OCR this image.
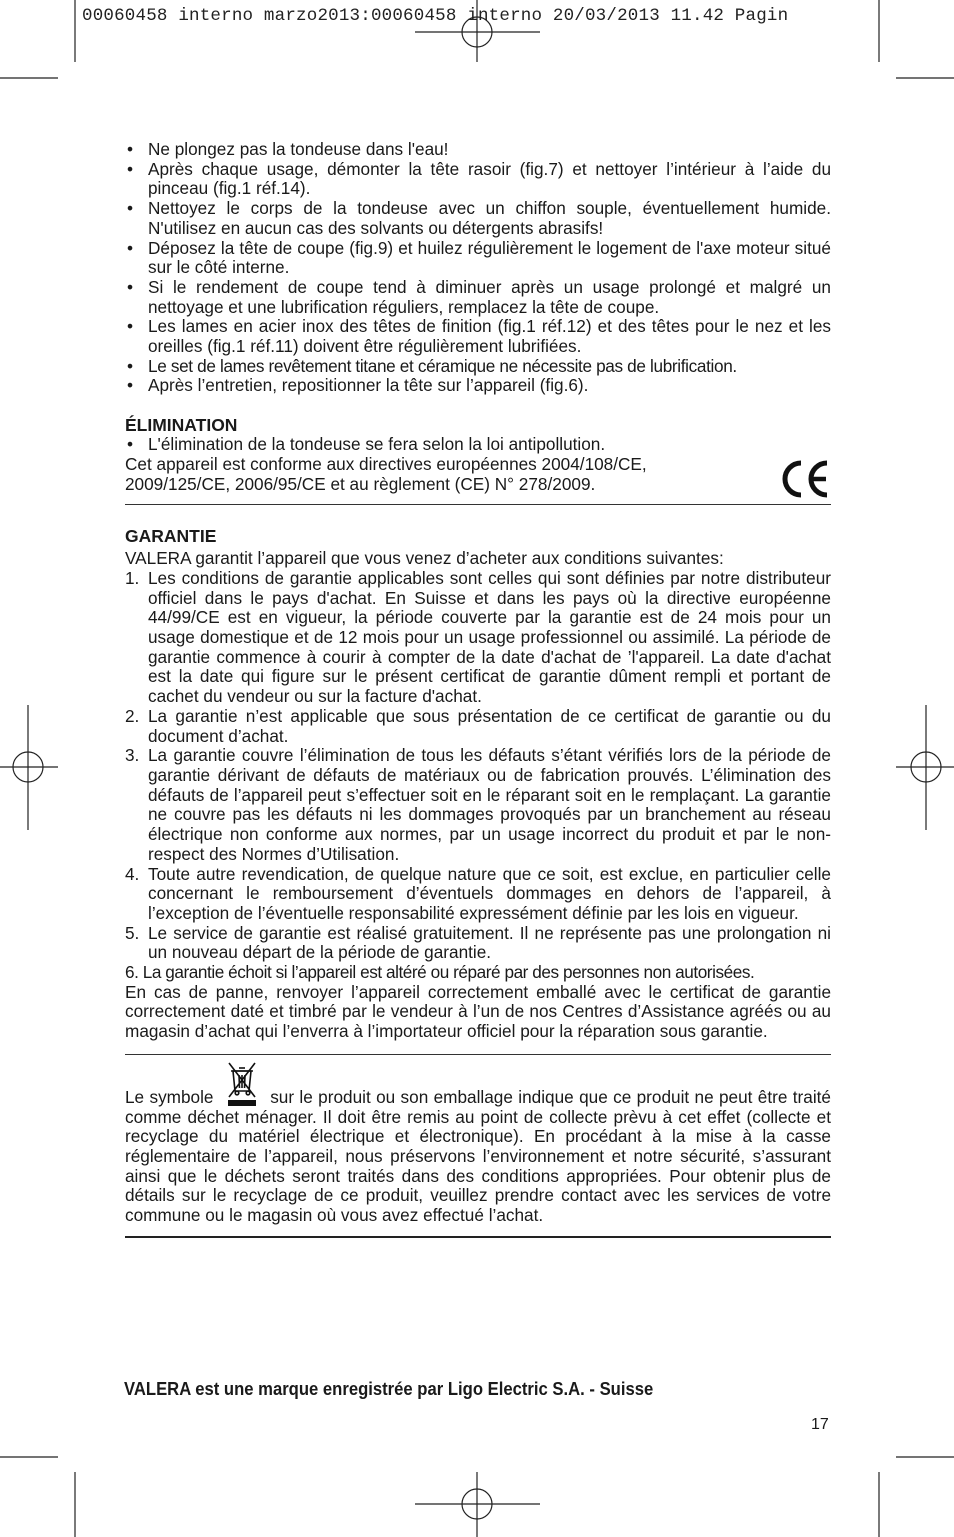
00060458 interno marzo2013:00060458 interno 20/03/2013 11.42 Pagin
• Ne plongez pas la tondeuse dans l'eau!
• Après chaque usage, démonter la tête rasoir (fig.7) et nettoyer l’intérieur à l’aide du pinceau (fig.1 réf.14).
• Nettoyez le corps de la tondeuse avec un chiffon souple, éventuellement humide. N'utilisez en aucun cas des solvants ou détergents abrasifs!
• Déposez la tête de coupe (fig.9) et huilez régulièrement le logement de l'axe moteur situé sur le côté interne.
• Si le rendement de coupe tend à diminuer après un usage prolongé et malgré un nettoyage et une lubrification réguliers, remplacez la tête de coupe.
• Les lames en acier inox des têtes de finition (fig.1 réf.12) et des têtes pour le nez et les oreilles (fig.1 réf.11) doivent être régulièrement lubrifiées.
• Le set de lames revêtement titane et céramique ne nécessite pas de lubrification.
• Après l’entretien, repositionner la tête sur l’appareil (fig.6).
ÉLIMINATION
• L'élimination de la tondeuse se fera selon la loi antipollution.
Cet appareil est conforme aux directives européennes 2004/108/CE,
2009/125/CE, 2006/95/CE et au règlement (CE) N° 278/2009.
GARANTIE
VALERA garantit l’appareil que vous venez d’acheter aux conditions suivantes:
1. Les conditions de garantie applicables sont celles qui sont définies par notre distributeur officiel dans le pays d'achat. En Suisse et dans les pays où la directive européenne 44/99/CE est en vigueur, la période couverte par la garantie est de 24 mois pour un usage domestique et de 12 mois pour un usage professionnel ou assimilé. La période de garantie commence à courir à compter de la date d'achat de ’l'appareil. La date d'achat est la date qui figure sur le présent certificat de garantie dûment rempli et portant de cachet du vendeur ou sur la facture d'achat.
2. La garantie n’est applicable que sous présentation de ce certificat de garantie ou du document d’achat.
3. La garantie couvre l’élimination de tous les défauts s’étant vérifiés lors de la période de garantie dérivant de défauts de matériaux ou de fabrication prouvés. L’élimination des défauts de l’appareil peut s’effectuer soit en le réparant soit en le remplaçant. La garantie ne couvre pas les défauts ni les dommages provoqués par un branchement au réseau électrique non conforme aux normes, par un usage incorrect du produit et par le non-respect des Normes d’Utilisation.
4. Toute autre revendication, de quelque nature que ce soit, est exclue, en particulier celle concernant le remboursement d’éventuels dommages en dehors de l’appareil, à l’exception de l’éventuelle responsabilité expressément définie par les lois en vigueur.
5. Le service de garantie est réalisé gratuitement. Il ne représente pas une prolongation ni un nouveau départ de la période de garantie.
6. La garantie échoit si l’appareil est altéré ou réparé par des personnes non autorisées.
En cas de panne, renvoyer l’appareil correctement emballé avec le certificat de garantie correctement daté et timbré par le vendeur à l’un de nos Centres d’Assistance agréés ou au magasin d’achat qui l’enverra à l’importateur officiel pour la réparation sous garantie.
Le symbole	sur le produit ou son emballage indique que ce produit ne peut être traité comme déchet ménager. Il doit être remis au point de collecte prèvu à cet effet (collecte et recyclage du matériel électrique et électronique). En procédant à la mise à la casse réglementaire de l’appareil, nous préservons l’environnement et notre sécurité, s’assurant ainsi que le déchets seront traités dans des conditions appropriées. Pour obtenir plus de détails sur le recyclage de ce produit, veuillez prendre contact avec les services de votre commune ou le magasin où vous avez effectué l’achat.
VALERA est une marque enregistrée par Ligo Electric S.A. - Suisse
17
